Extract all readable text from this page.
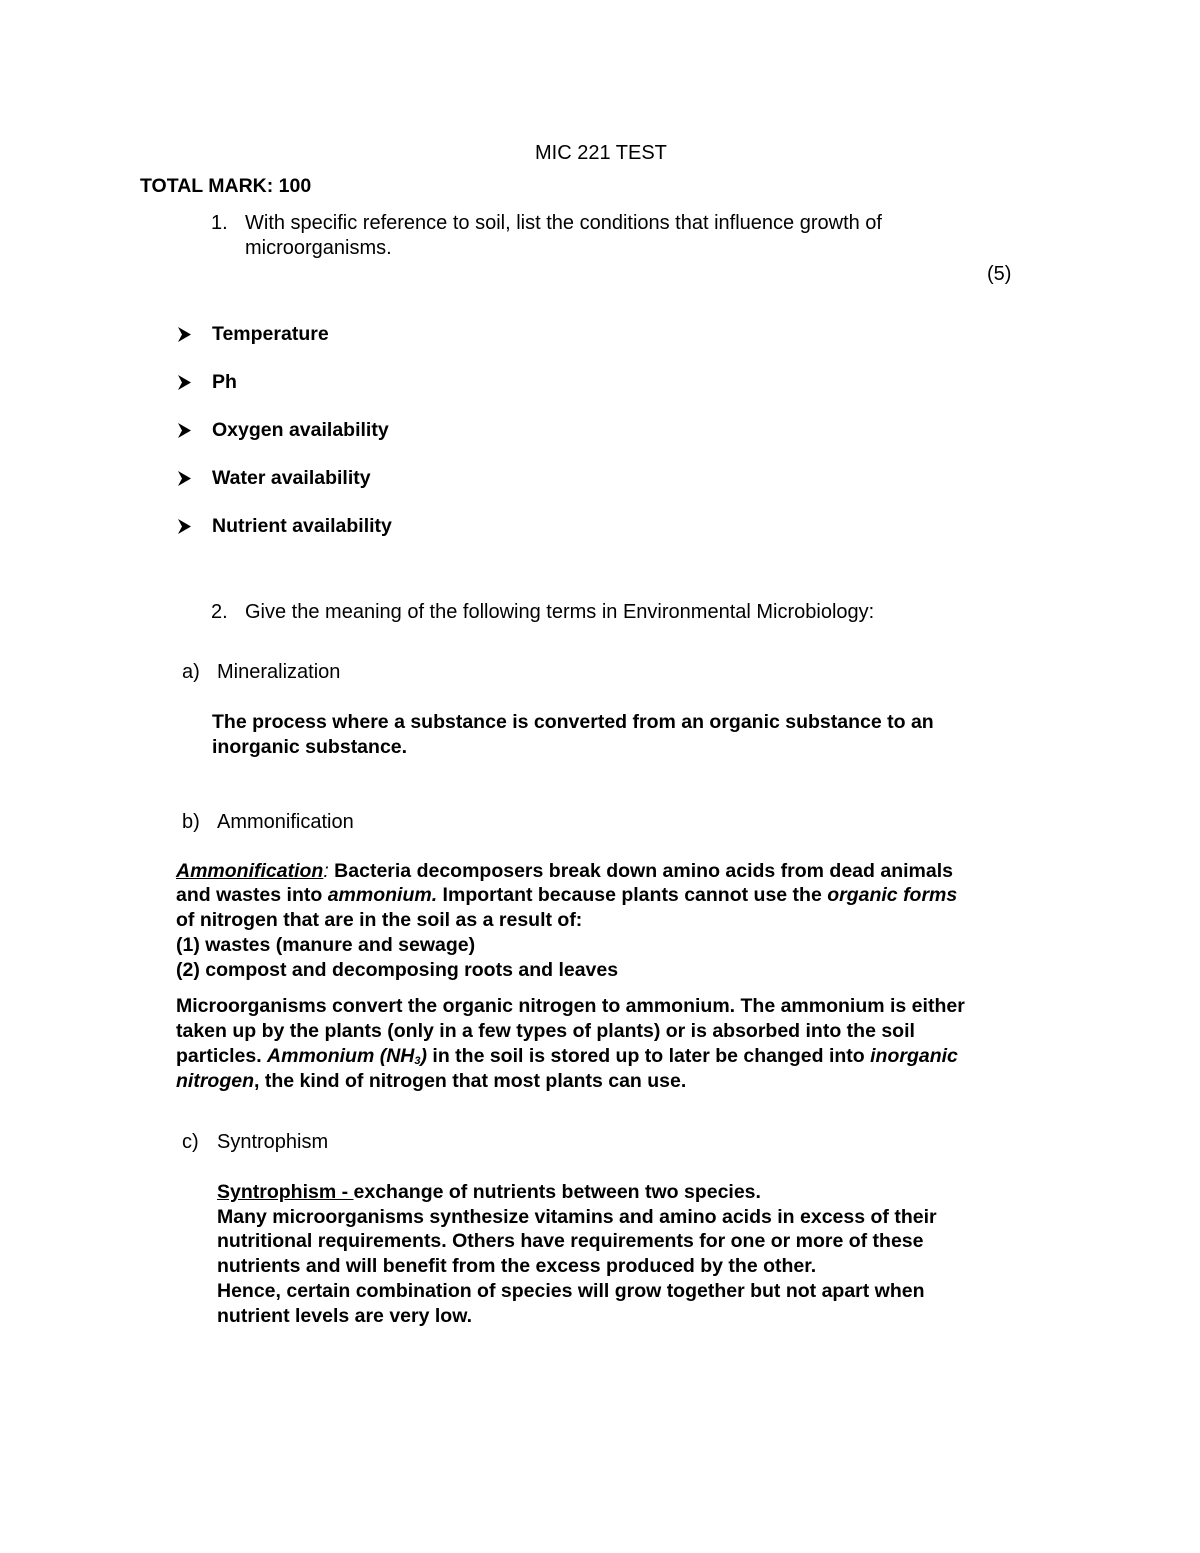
MIC 221 TEST
TOTAL MARK: 100
1. With specific reference to soil, list the conditions that influence growth of
microorganisms.
(5)
Temperature
Ph
Oxygen availability
Water availability
Nutrient availability
2. Give the meaning of the following terms in Environmental Microbiology:
a) Mineralization
The process where a substance is converted from an organic substance to an
inorganic substance.
b) Ammonification
Ammonification: Bacteria decomposers break down amino acids from dead animals
and wastes into ammonium. Important because plants cannot use the organic forms
of nitrogen that are in the soil as a result of:
(1) wastes (manure and sewage)
(2) compost and decomposing roots and leaves
Microorganisms convert the organic nitrogen to ammonium. The ammonium is either
taken up by the plants (only in a few types of plants) or is absorbed into the soil
particles. Ammonium $(NH_3)$ in the soil is stored up to later be changed into inorganic
nitrogen, the kind of nitrogen that most plants can use.
c) Syntrophism
Syntrophism - exchange of nutrients between two species.
Many microorganisms synthesize vitamins and amino acids in excess of their
nutritional requirements. Others have requirements for one or more of these
nutrients and will benefit from the excess produced by the other.
Hence, certain combination of species will grow together but not apart when
nutrient levels are very low.
